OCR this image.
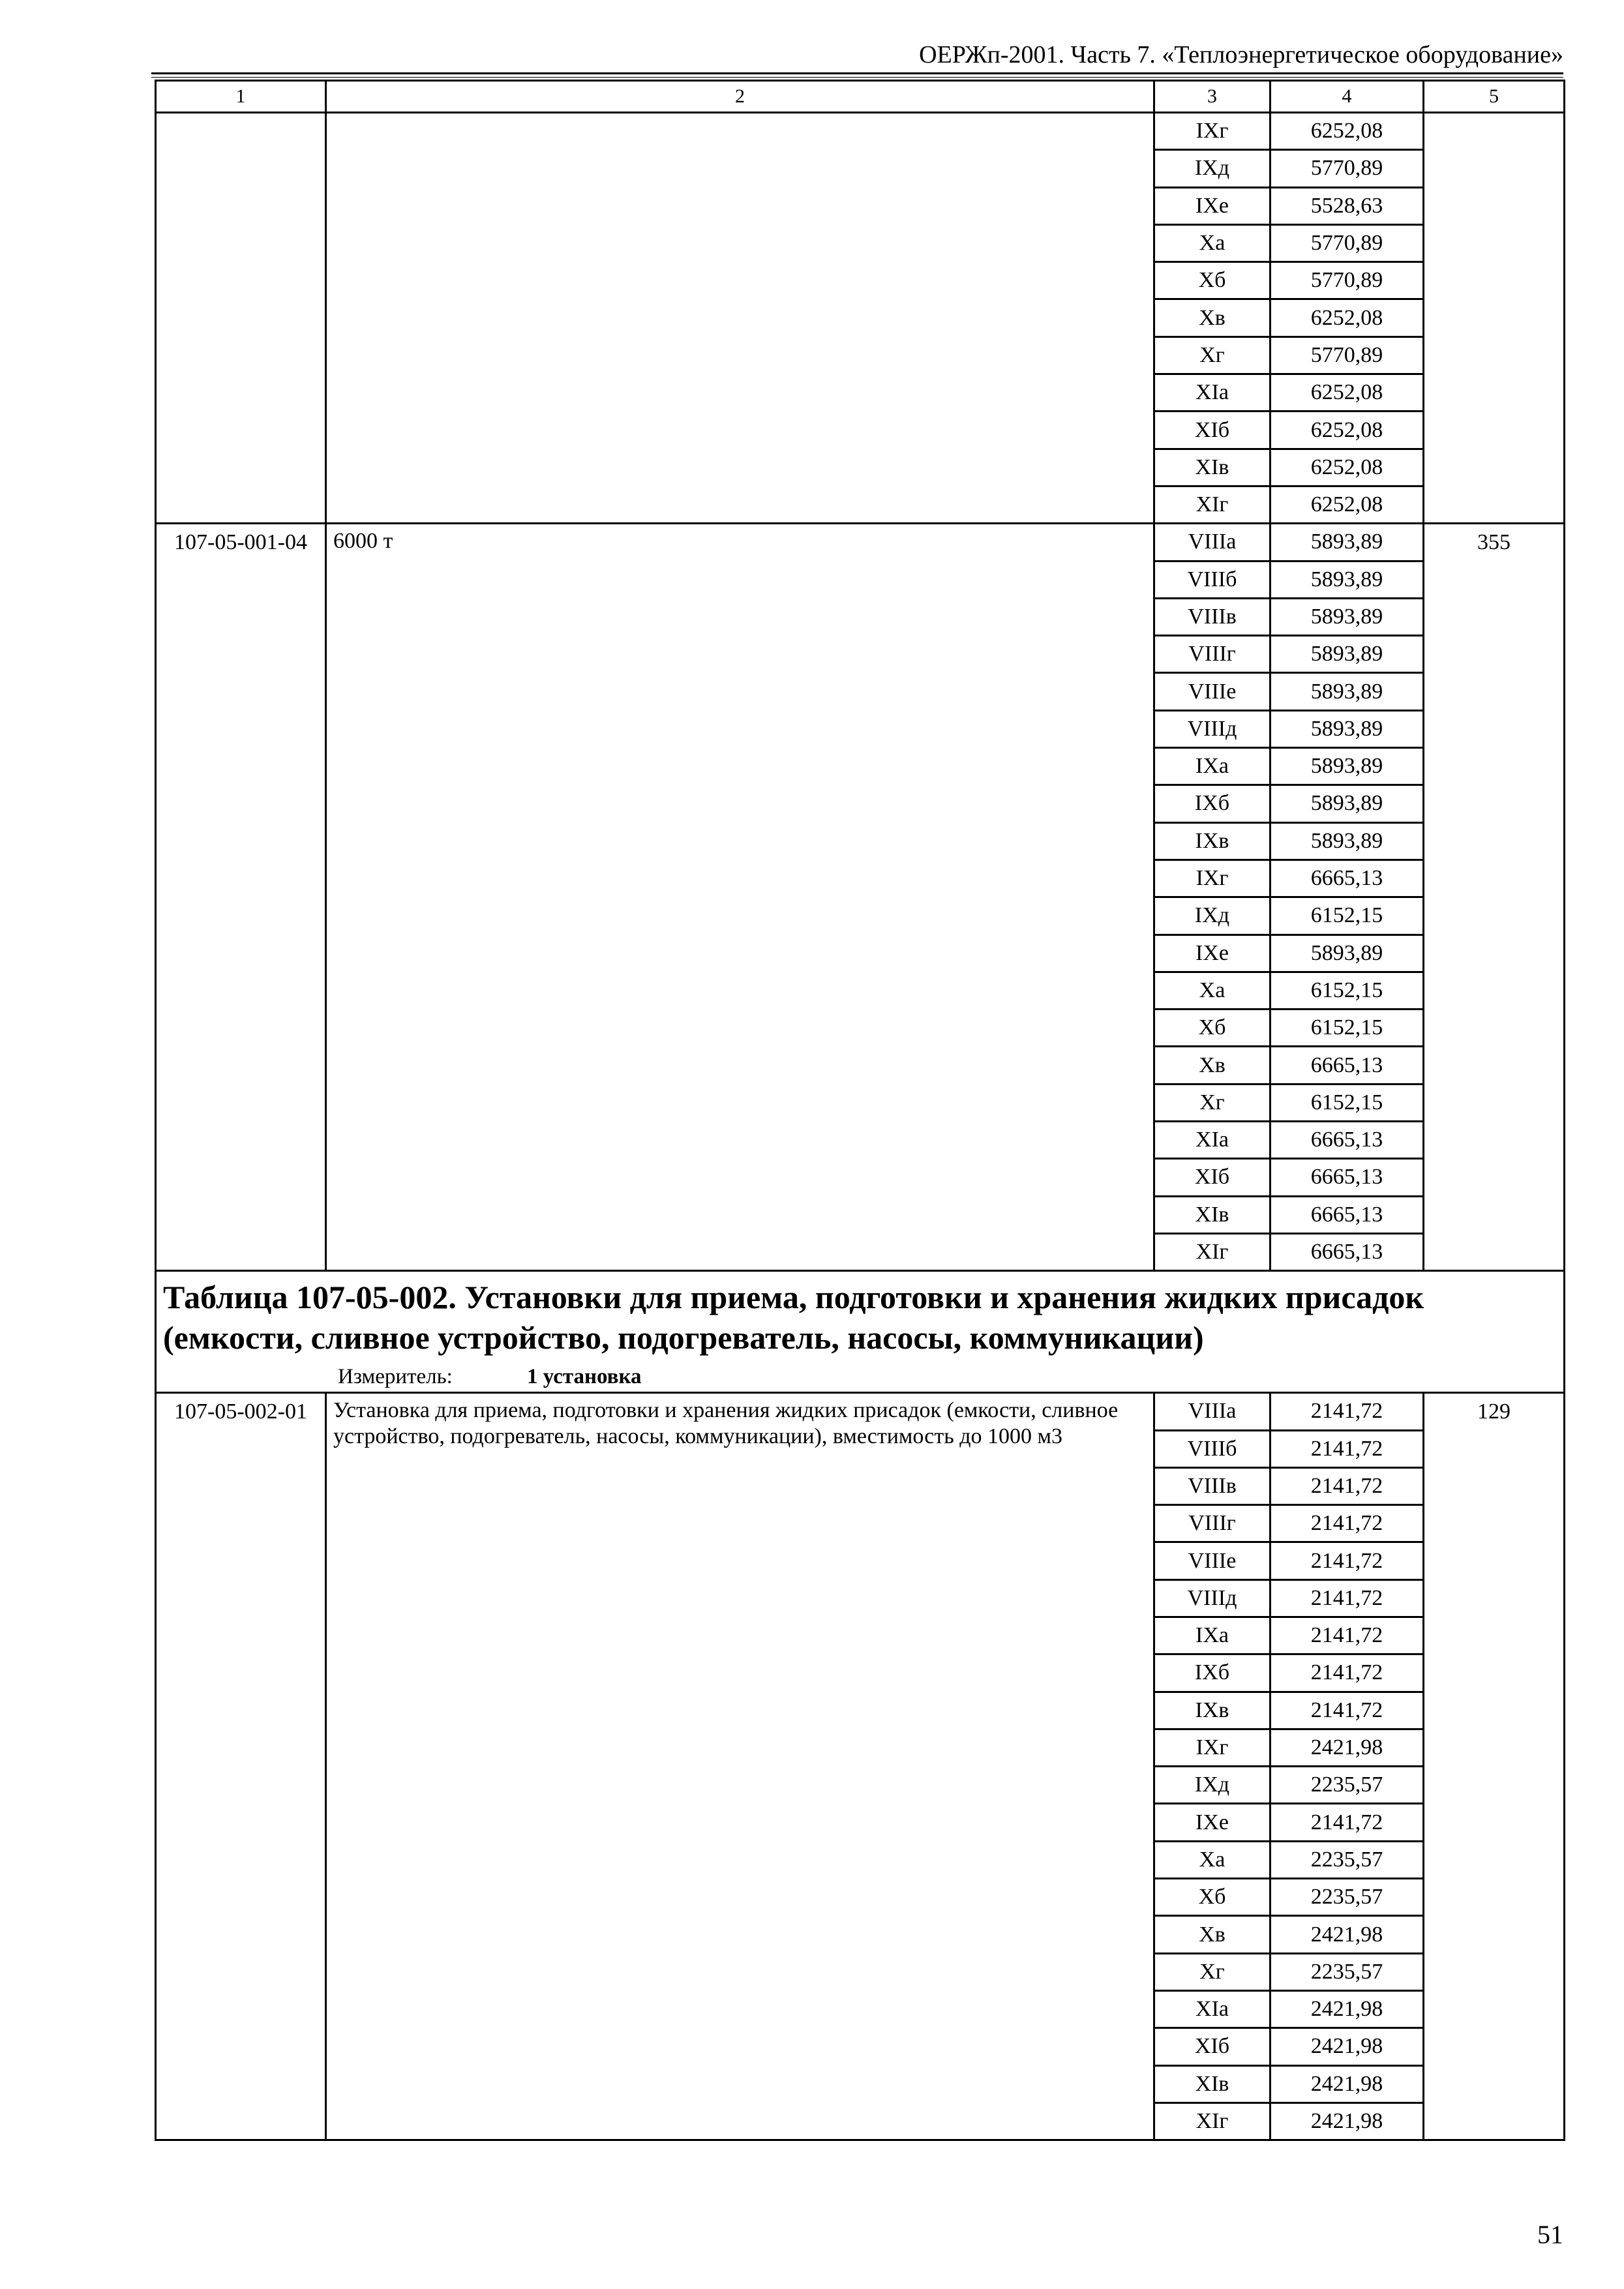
ОЕРЖп-2001. Часть 7. «Теплоэнергетическое оборудование»
1	2	3	4	5
		IXг	6252,08	
		IXд	5770,89	
		IXе	5528,63	
		Xа	5770,89	
		Xб	5770,89	
		Xв	6252,08	
		Xг	5770,89	
		XIа	6252,08	
		XIб	6252,08	
		XIв	6252,08	
		XIг	6252,08	
107-05-001-04	6000 т	VIIIа	5893,89	355
		VIIIб	5893,89	
		VIIIв	5893,89	
		VIIIг	5893,89	
		VIIIе	5893,89	
		VIIIд	5893,89	
		IXа	5893,89	
		IXб	5893,89	
		IXв	5893,89	
		IXг	6665,13	
		IXд	6152,15	
		IXе	5893,89	
		Xа	6152,15	
		Xб	6152,15	
		Xв	6665,13	
		Xг	6152,15	
		XIа	6665,13	
		XIб	6665,13	
		XIв	6665,13	
		XIг	6665,13	

Таблица 107-05-002. Установки для приема, подготовки и хранения жидких присадок (емкости, сливное устройство, подогреватель, насосы, коммуникации)
Измеритель: 1 установка				

107-05-002-01	Установка для приема, подготовки и хранения жидких присадок (емкости, сливное устройство, подогреватель, насосы, коммуникации), вместимость до 1000 м3	VIIIа	2141,72	129
		VIIIб	2141,72	
		VIIIв	2141,72	
		VIIIг	2141,72	
		VIIIе	2141,72	
		VIIIд	2141,72	
		IXа	2141,72	
		IXб	2141,72	
		IXв	2141,72	
		IXг	2421,98	
		IXд	2235,57	
		IXе	2141,72	
		Xа	2235,57	
		Xб	2235,57	
		Xв	2421,98	
		Xг	2235,57	
		XIа	2421,98	
		XIб	2421,98	
		XIв	2421,98	
		XIг	2421,98	
51
